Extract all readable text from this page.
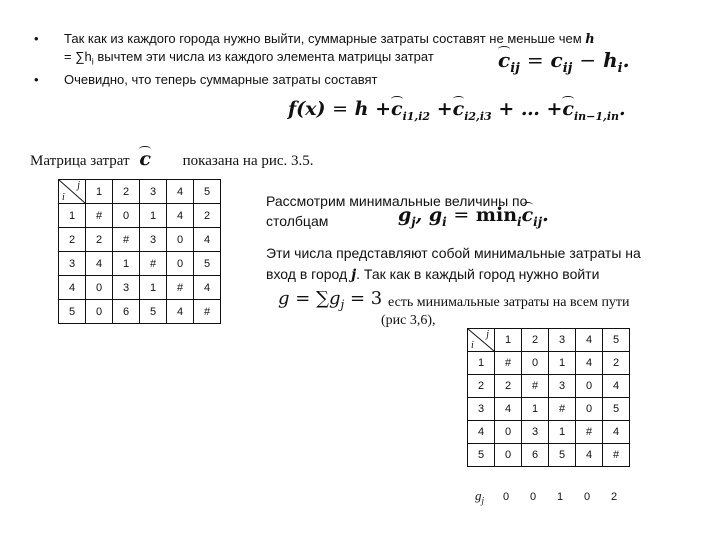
• Так как из каждого города нужно выйти, суммарные затраты составят не меньше чем h
= $\sum h_i$ вычтем эти числа из каждого элемента матрицы затрат	$c_{ij} = c_{ij} - h_i$.
• Очевидно, что теперь суммарные затраты составят
$f(x) = h +c_{i1,i2} +c_{i2,i3}$ + … $+c_{in-1,in}$.
Матрица затрат c показана на рис. 3.5.
j
i	1	2	3	4	5
1	#	0	1	4	2
2	2	#	3	0	4
3	4	1	#	0	5
4	0	3	1	#	4
5	0	6	5	4	#
Рассмотрим минимальные величины по
столбцам	$g_j$, $g_i = \min_ic_{ij}$.
Эти числа представляют собой минимальные затраты на
вход в город j. Так как в каждый город нужно войти
$g = \sum g_j = 3$ есть минимальные затраты на всем пути
(рис 3,6),
j
i	1	2	3	4	5
1	#	0	1	4	2
2	2	#	3	0	4
3	4	1	#	0	5
4	0	3	1	#	4
5	0	6	5	4	#
$g_j$ 0 0 1 0 2
